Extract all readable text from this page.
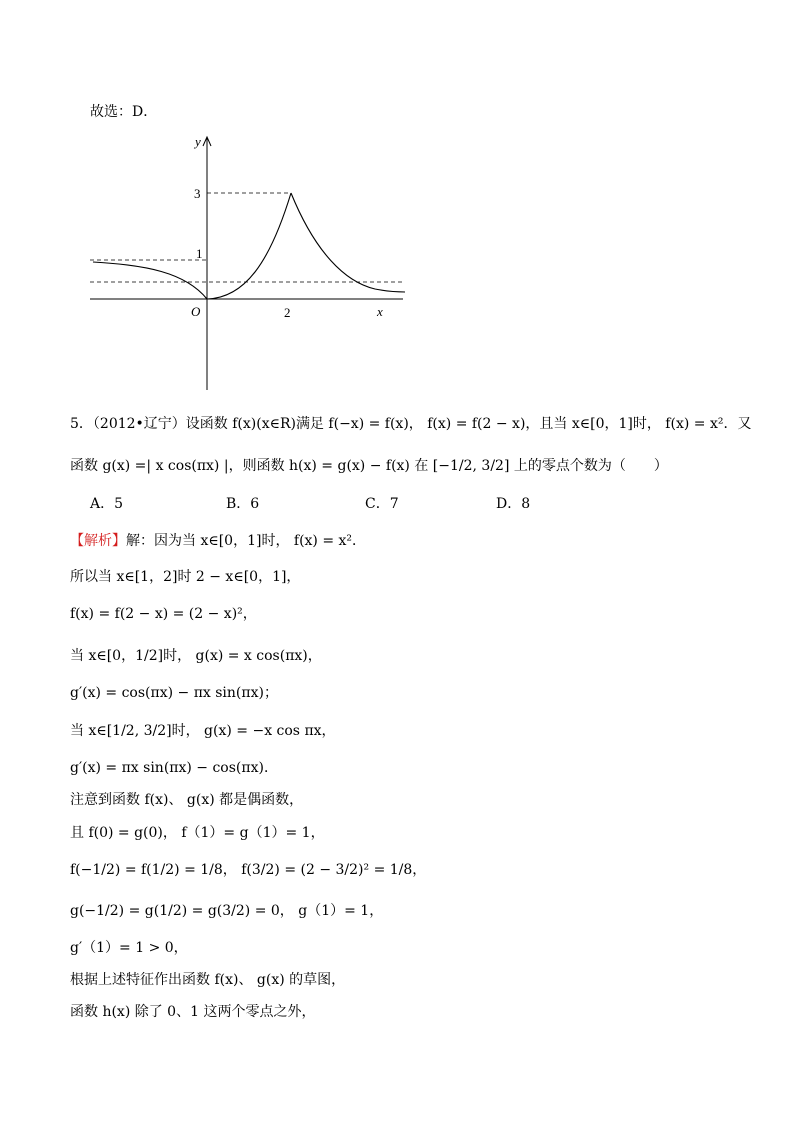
故选：D．
y
x
O
3
1
2
5．（2012•辽宁）设函数 f(x)(x∈R)满足 f(−x) = f(x)， f(x) = f(2 − x)，且当 x∈[0，1]时， f(x) = x²．又
函数 g(x) =| x cos(πx) |，则函数 h(x) = g(x) − f(x) 在 [−1/2, 3/2] 上的零点个数为（　　）
A．5	B．6	C．7	D．8
【解析】解：因为当 x∈[0，1]时， f(x) = x²．
所以当 x∈[1，2]时 2 − x∈[0，1]，
f(x) = f(2 − x) = (2 − x)²，
当 x∈[0，1/2]时， g(x) = x cos(πx)，
g′(x) = cos(πx) − πx sin(πx)；
当 x∈[1/2, 3/2]时， g(x) = −x cos πx，
g′(x) = πx sin(πx) − cos(πx)．
注意到函数 f(x)、 g(x) 都是偶函数，
且 f(0) = g(0)， f（1）= g（1）= 1，
f(−1/2) = f(1/2) = 1/8， f(3/2) = (2 − 3/2)² = 1/8，
g(−1/2) = g(1/2) = g(3/2) = 0， g（1）= 1，
g′（1）= 1 > 0，
根据上述特征作出函数 f(x)、 g(x) 的草图，
函数 h(x) 除了 0、1 这两个零点之外，
